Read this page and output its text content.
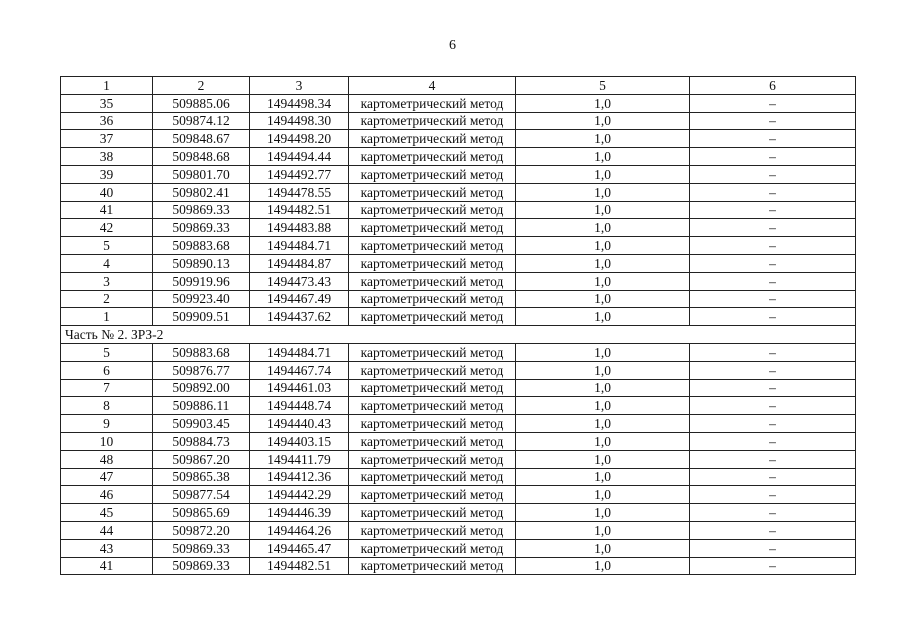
6
1	2	3	4	5	6
35	509885.06	1494498.34	картометрический метод	1,0	–
36	509874.12	1494498.30	картометрический метод	1,0	–
37	509848.67	1494498.20	картометрический метод	1,0	–
38	509848.68	1494494.44	картометрический метод	1,0	–
39	509801.70	1494492.77	картометрический метод	1,0	–
40	509802.41	1494478.55	картометрический метод	1,0	–
41	509869.33	1494482.51	картометрический метод	1,0	–
42	509869.33	1494483.88	картометрический метод	1,0	–
5	509883.68	1494484.71	картометрический метод	1,0	–
4	509890.13	1494484.87	картометрический метод	1,0	–
3	509919.96	1494473.43	картометрический метод	1,0	–
2	509923.40	1494467.49	картометрический метод	1,0	–
1	509909.51	1494437.62	картометрический метод	1,0	–
Часть № 2. ЗРЗ-2					
5	509883.68	1494484.71	картометрический метод	1,0	–
6	509876.77	1494467.74	картометрический метод	1,0	–
7	509892.00	1494461.03	картометрический метод	1,0	–
8	509886.11	1494448.74	картометрический метод	1,0	–
9	509903.45	1494440.43	картометрический метод	1,0	–
10	509884.73	1494403.15	картометрический метод	1,0	–
48	509867.20	1494411.79	картометрический метод	1,0	–
47	509865.38	1494412.36	картометрический метод	1,0	–
46	509877.54	1494442.29	картометрический метод	1,0	–
45	509865.69	1494446.39	картометрический метод	1,0	–
44	509872.20	1494464.26	картометрический метод	1,0	–
43	509869.33	1494465.47	картометрический метод	1,0	–
41	509869.33	1494482.51	картометрический метод	1,0	–
